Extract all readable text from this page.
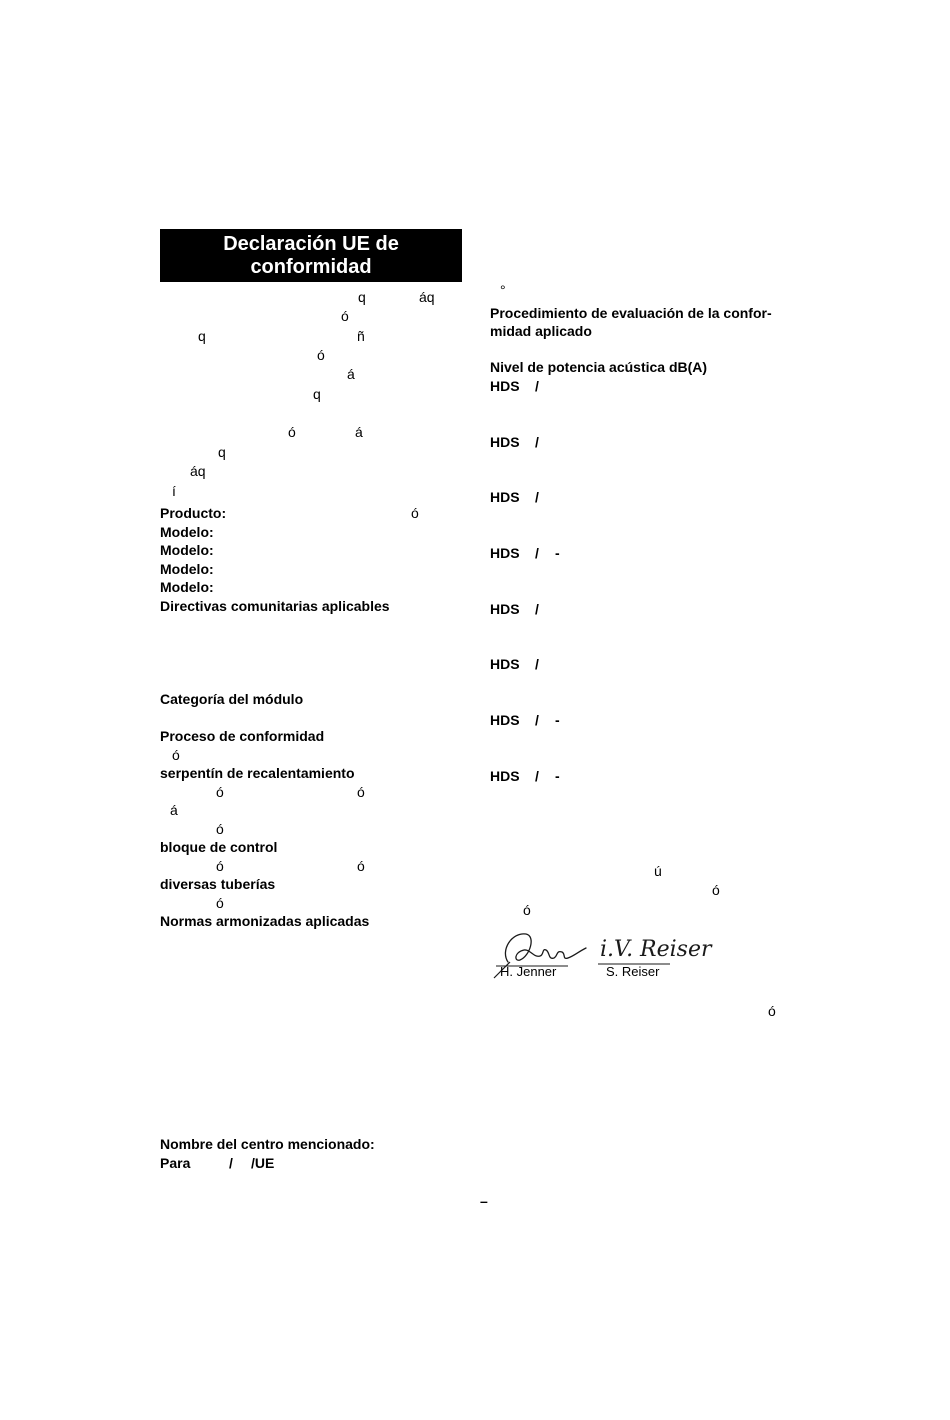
Declaración UE de
conformidad
q	áq
ó
q	ñ
ó
á
q
ó	á
q
áq
í
Producto:	ó
Modelo:
Modelo:
Modelo:
Modelo:
Directivas comunitarias aplicables
Categoría del módulo
Proceso de conformidad
ó
serpentín de recalentamiento
ó	ó
á
ó
bloque de control
ó	ó
diversas tuberías
ó
Normas armonizadas aplicadas
Nombre del centro mencionado:
Para	/ /UE
°
Procedimiento de evaluación de la confor-
midad aplicado
Nivel de potencia acústica dB(A)
HDS /
HDS /
HDS /
HDS / -
HDS /
HDS /
HDS / -
HDS / -
ú
ó
ó
H. Jenner
i.V. Reiser
S. Reiser
ó
–
